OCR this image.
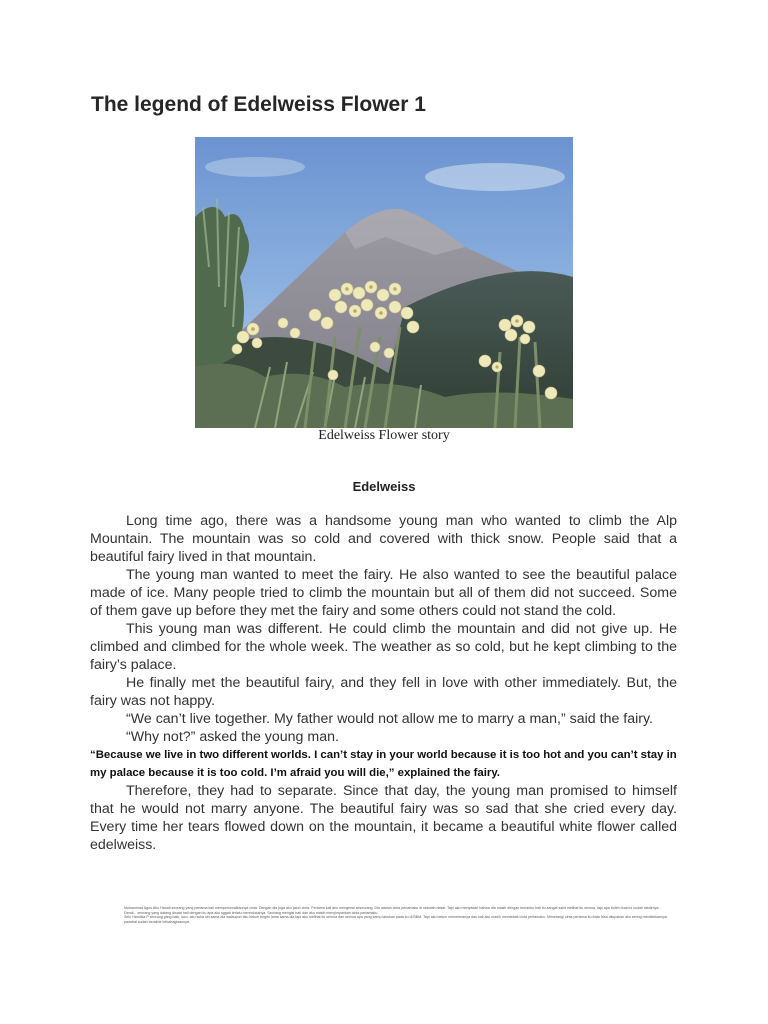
The legend of Edelweiss Flower 1
Edelweiss Flower story
Edelweiss

Long time ago, there was a handsome young man who wanted to climb the Alp Mountain. The mountain was so cold and covered with thick snow. People said that a beautiful fairy lived in that mountain.

The young man wanted to meet the fairy. He also wanted to see the beautiful palace made of ice. Many people tried to climb the mountain but all of them did not succeed. Some of them gave up before they met the fairy and some others could not stand the cold.

This young man was different. He could climb the mountain and did not give up. He climbed and climbed for the whole week. The weather as so cold, but he kept climbing to the fairy’s palace.

He finally met the beautiful fairy, and they fell in love with other immediately. But, the fairy was not happy.

“We can’t live together. My father would not allow me to marry a man,” said the fairy.

“Why not?” asked the young man.

“Because we live in two different worlds. I can’t stay in your world because it is too hot and you can’t stay in my palace because it is too cold. I’m afraid you will die,” explained the fairy.

Therefore, they had to separate. Since that day, the young man promised to himself that he would not marry anyone. The beautiful fairy was so sad that she cried every day. Every time her tears flowed down on the mountain, it became a beautiful white flower called edelweiss.

Muhammad Agus Abu Hanafi seorang yang pertama kali memperkenalkannya cinta. Dengan dia juga aku jatuh cinta. Pertama kali aku mengenal seseorang. Dia adalah cinta pertamaku di sekolah dasar. Tapi aku menyadari bahwa dia masih dengan temanku hati itu sangat sakit melihat itu semua, tapi apa boleh buat ini sudah takdirnya.

Dendi... seorang yang datang disaat hati dengan ku apa aku sggah terlalu merindukanya. Seorang mengisi hati dan aku masih menyimpankan cinta pertamaku.

Selo Handika P seorang yang baik, lucu, aku suka sih sama dia walaupun aku belum begitu lama sama dia tapi aku melihat itu semua dan semua apa yang kamu lakukan pada ku di BBM. Tapi aku belum menerimanya dan kali aku masih mendekati cinta pertamaku. Menerangi cinta pertama itu tidak bisa dilupakan aku sering memikirkannya padahal sudah berakhir kebahagiaannya.
